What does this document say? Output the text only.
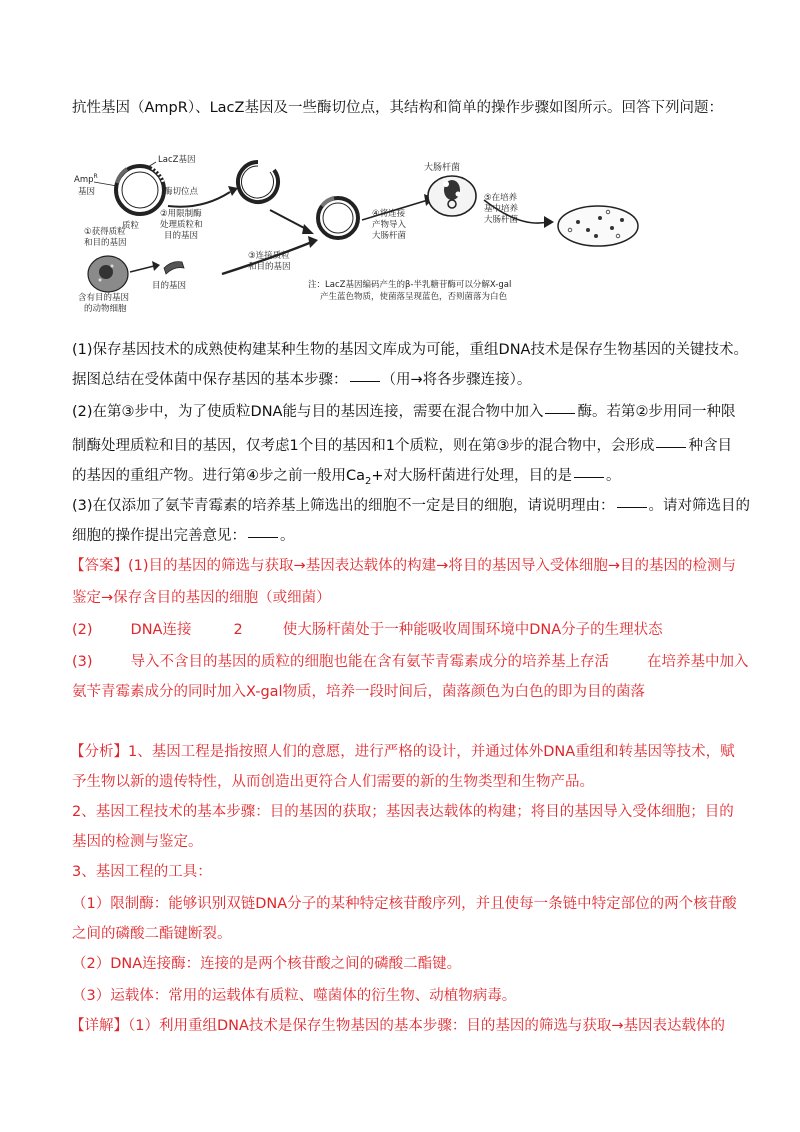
抗性基因（AmpR）、LacZ基因及一些酶切位点，其结构和简单的操作步骤如图所示。回答下列问题：
Amp$^R$
基因
LacZ基因
酶切位点
质粒
①获得质粒
和目的基因
②用限制酶
处理质粒和
目的基因
③连接质粒
和目的基因
④将连接
产物导入
大肠杆菌
大肠杆菌
⑤在培养
基中培养
大肠杆菌
目的基因
含有目的基因
的动物细胞
注：LacZ基因编码产生的β-半乳糖苷酶可以分解X-gal
产生蓝色物质，使菌落呈现蓝色，否则菌落为白色
(1)保存基因技术的成熟使构建某种生物的基因文库成为可能，重组DNA技术是保存生物基因的关键技术。
据图总结在受体菌中保存基因的基本步骤： （用→将各步骤连接）。
(2)在第③步中，为了使质粒DNA能与目的基因连接，需要在混合物中加入 酶。若第②步用同一种限
制酶处理质粒和目的基因，仅考虑1个目的基因和1个质粒，则在第③步的混合物中，会形成 种含目
的基因的重组产物。进行第④步之前一般用$Ca_2+$对大肠杆菌进行处理，目的是 。
(3)在仅添加了氨苄青霉素的培养基上筛选出的细胞不一定是目的细胞，请说明理由： 。请对筛选目的
细胞的操作提出完善意见： 。
【答案】(1)目的基因的筛选与获取→基因表达载体的构建→将目的基因导入受体细胞→目的基因的检测与
鉴定→保存含目的基因的细胞（或细菌）
(2)	DNA连接	2	使大肠杆菌处于一种能吸收周围环境中DNA分子的生理状态
(3)	导入不含目的基因的质粒的细胞也能在含有氨苄青霉素成分的培养基上存活	在培养基中加入
氨苄青霉素成分的同时加入X-gal物质，培养一段时间后，菌落颜色为白色的即为目的菌落
【分析】1、基因工程是指按照人们的意愿，进行严格的设计，并通过体外DNA重组和转基因等技术，赋
予生物以新的遗传特性，从而创造出更符合人们需要的新的生物类型和生物产品。
2、基因工程技术的基本步骤：目的基因的获取；基因表达载体的构建；将目的基因导入受体细胞；目的
基因的检测与鉴定。
3、基因工程的工具：
（1）限制酶：能够识别双链DNA分子的某种特定核苷酸序列，并且使每一条链中特定部位的两个核苷酸
之间的磷酸二酯键断裂。
（2）DNA连接酶：连接的是两个核苷酸之间的磷酸二酯键。
（3）运载体：常用的运载体有质粒、噬菌体的衍生物、动植物病毒。
【详解】（1）利用重组DNA技术是保存生物基因的基本步骤：目的基因的筛选与获取→基因表达载体的
